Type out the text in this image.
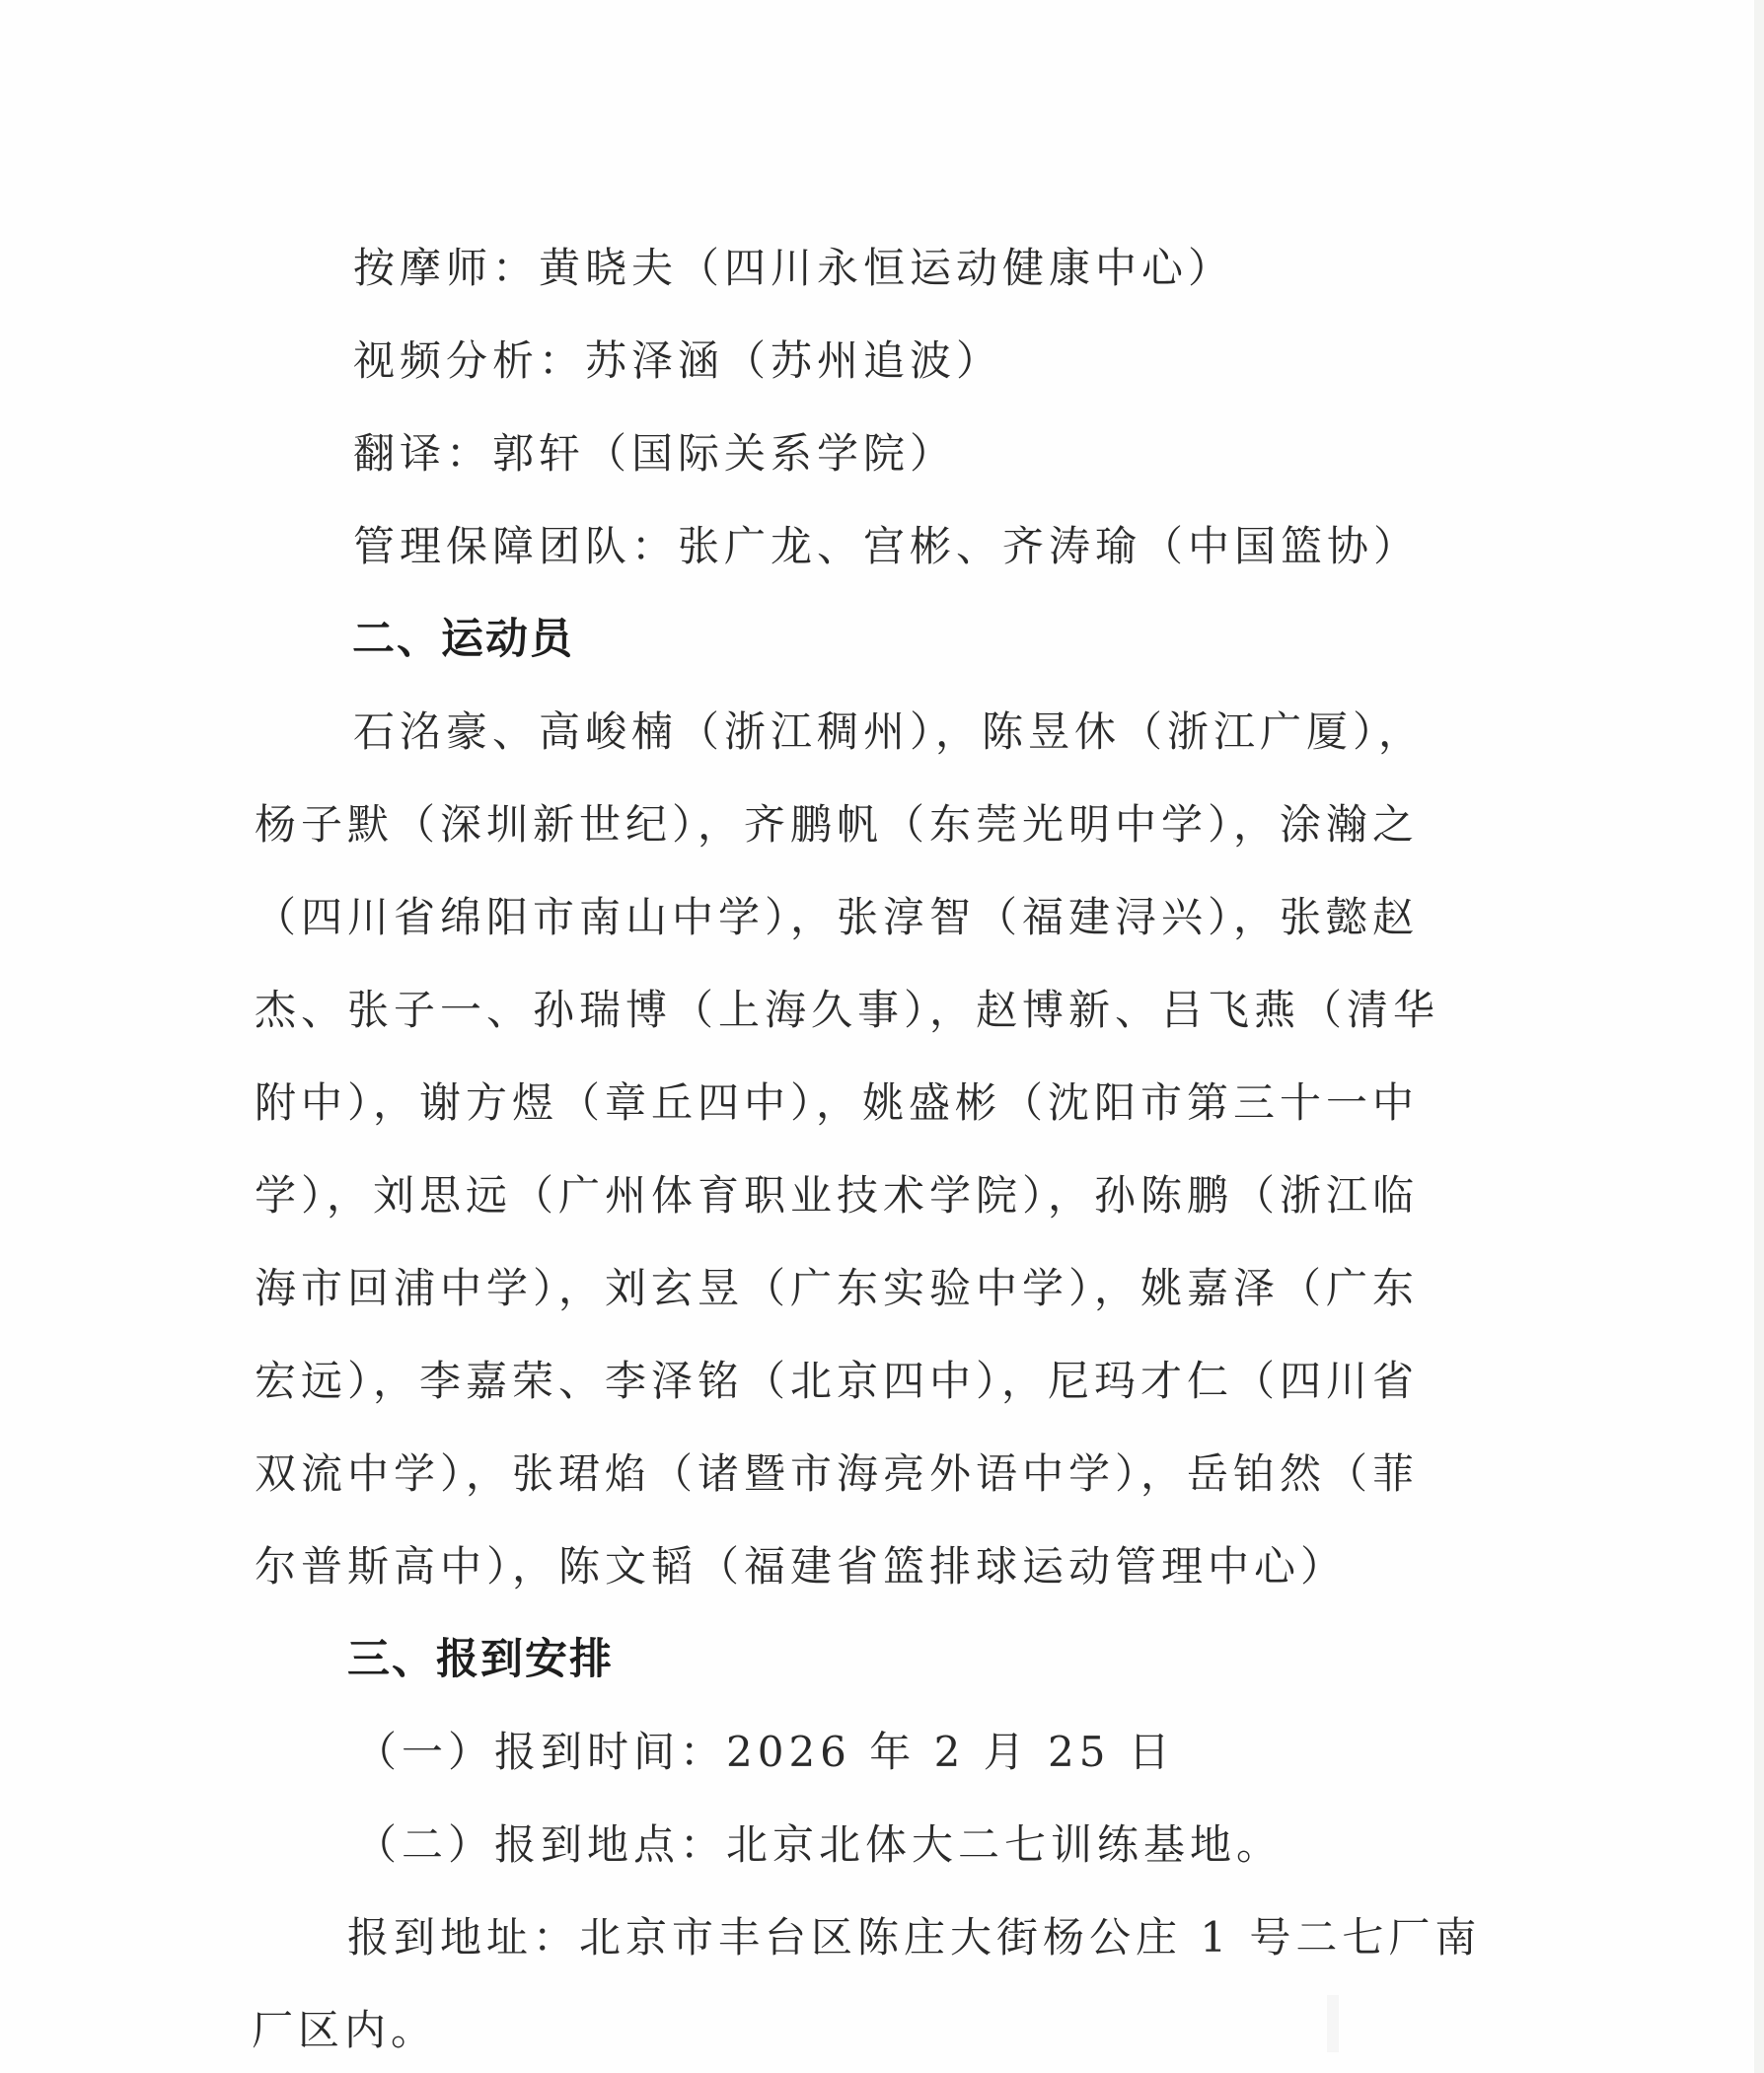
按摩师：黄晓夫（四川永恒运动健康中心）
视频分析：苏泽涵（苏州追波）
翻译：郭轩（国际关系学院）
管理保障团队：张广龙、宫彬、齐涛瑜（中国篮协）
二、运动员
石洺豪、高峻楠（浙江稠州），陈昱休（浙江广厦），
杨子默（深圳新世纪），齐鹏帆（东莞光明中学），涂瀚之
（四川省绵阳市南山中学），张淳智（福建浔兴），张懿赵
杰、张子一、孙瑞博（上海久事），赵博新、吕飞燕（清华
附中），谢方煜（章丘四中），姚盛彬（沈阳市第三十一中
学），刘思远（广州体育职业技术学院），孙陈鹏（浙江临
海市回浦中学），刘玄昱（广东实验中学），姚嘉泽（广东
宏远），李嘉荣、李泽铭（北京四中），尼玛才仁（四川省
双流中学），张珺焰（诸暨市海亮外语中学），岳铂然（菲
尔普斯高中），陈文韬（福建省篮排球运动管理中心）
三、报到安排
（一）报到时间：2026 年 2 月 25 日
（二）报到地点：北京北体大二七训练基地。
报到地址：北京市丰台区陈庄大街杨公庄 1 号二七厂南
厂区内。
